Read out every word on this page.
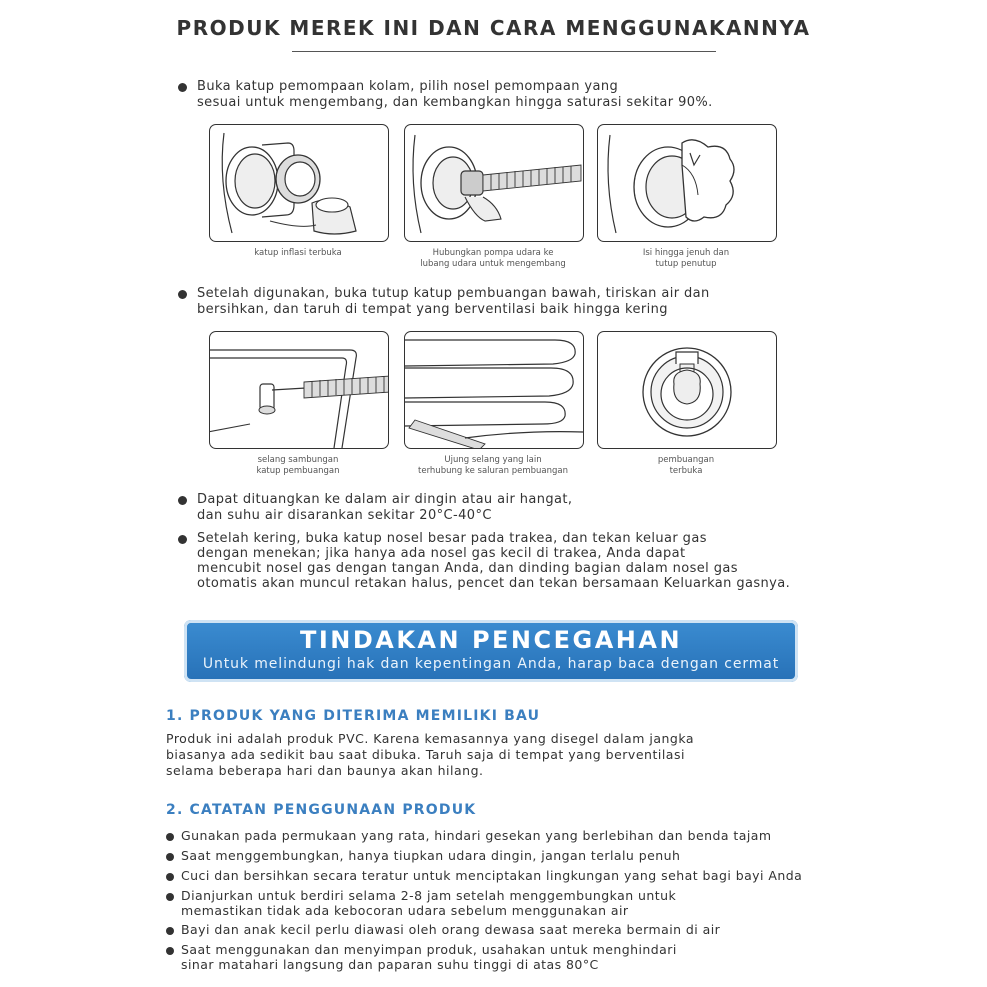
PRODUK MEREK INI DAN CARA MENGGUNAKANNYA
Buka katup pemompaan kolam, pilih nosel pemompaan yang
sesuai untuk mengembang, dan kembangkan hingga saturasi sekitar 90%.
katup inflasi terbuka	Hubungkan pompa udara ke
lubang udara untuk mengembang
Isi hingga jenuh dan
tutup penutup
Setelah digunakan, buka tutup katup pembuangan bawah, tiriskan air dan
bersihkan, dan taruh di tempat yang berventilasi baik hingga kering
selang sambungan
katup pembuangan
Ujung selang yang lain
terhubung ke saluran pembuangan
pembuangan
terbuka
Dapat dituangkan ke dalam air dingin atau air hangat,
dan suhu air disarankan sekitar 20°C-40°C
Setelah kering, buka katup nosel besar pada trakea, dan tekan keluar gas
dengan menekan; jika hanya ada nosel gas kecil di trakea, Anda dapat
mencubit nosel gas dengan tangan Anda, dan dinding bagian dalam nosel gas
otomatis akan muncul retakan halus, pencet dan tekan bersamaan Keluarkan gasnya.
TINDAKAN PENCEGAHAN
Untuk melindungi hak dan kepentingan Anda, harap baca dengan cermat
1. PRODUK YANG DITERIMA MEMILIKI BAU
Produk ini adalah produk PVC. Karena kemasannya yang disegel dalam jangka
biasanya ada sedikit bau saat dibuka. Taruh saja di tempat yang berventilasi
selama beberapa hari dan baunya akan hilang.
2. CATATAN PENGGUNAAN PRODUK
Gunakan pada permukaan yang rata, hindari gesekan yang berlebihan dan benda tajam
Saat menggembungkan, hanya tiupkan udara dingin, jangan terlalu penuh
Cuci dan bersihkan secara teratur untuk menciptakan lingkungan yang sehat bagi bayi Anda
Dianjurkan untuk berdiri selama 2-8 jam setelah menggembungkan untuk
memastikan tidak ada kebocoran udara sebelum menggunakan air
Bayi dan anak kecil perlu diawasi oleh orang dewasa saat mereka bermain di air
Saat menggunakan dan menyimpan produk, usahakan untuk menghindari
sinar matahari langsung dan paparan suhu tinggi di atas 80°C
